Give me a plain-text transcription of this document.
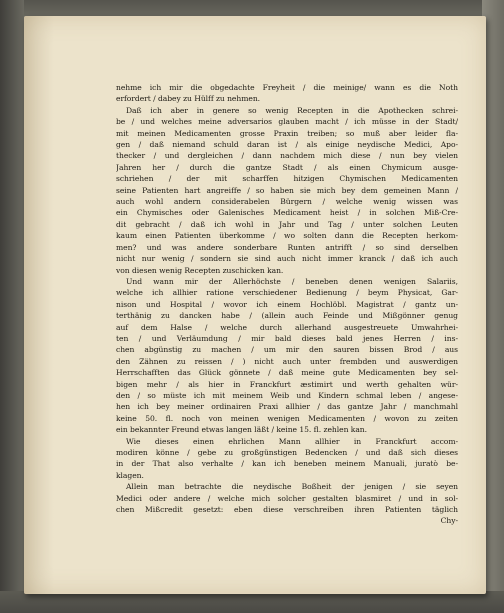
nehme ich mir die obgedachte Freyheit / die meinige/ wann es die Noth
erfordert / dabey zu Hülff zu nehmen.
Daß ich aber in genere so wenig Recepten in die Apothecken schrei-
be / und welches meine adversarios glauben macht / ich müsse in der Stadt/
mit meinen Medicamenten grosse Praxin treiben; so muß aber leider fla-
gen / daß niemand schuld daran ist / als einige neydische Medici, Apo-
thecker / und dergleichen / dann nachdem mich diese / nun bey vielen
Jahren her / durch die gantze Stadt / als einen Chymicum ausge-
schriehen / der mit scharffen hitzigen Chymischen Medicamenten
seine Patienten hart angreiffe / so haben sie mich bey dem gemeinen Mann /
auch wohl andern considerabelen Bürgern / welche wenig wissen was
ein Chymisches oder Galenisches Medicament heist / in solchen Miß-Cre-
dit gebracht / daß ich wohl in Jahr und Tag / unter solchen Leuten
kaum einen Patienten überkomme / wo solten dann die Recepten herkom-
men? und was andere sonderbare Runten antrifft / so sind derselben
nicht nur wenig / sondern sie sind auch nicht immer kranck / daß ich auch
von diesen wenig Recepten zuschicken kan.
Und wann mir der Allerhöchste / beneben denen wenigen Salariis,
welche ich allhier ratione verschiedener Bedienung / beym Physicat, Gar-
nison und Hospital / wovor ich einem Hochlöbl. Magistrat / gantz un-
terthänig zu dancken habe / (allein auch Feinde und Mißgönner genug
auf dem Halse / welche durch allerhand ausgestreuete Umwahrhei-
ten / und Verläumdung / mir bald dieses bald jenes Herren / ins-
chen abgünstig zu machen / um mir den sauren bissen Brod / aus
den Zähnen zu reissen / ) nicht auch unter frembden und auswerdigen
Herrschafften das Glück gönnete / daß meine gute Medicamenten bey sel-
bigen mehr / als hier in Franckfurt æstimirt und werth gehalten wür-
den / so müste ich mit meinem Weib und Kindern schmal leben / angese-
hen ich bey meiner ordinairen Praxi allhier / das gantze Jahr / manchmahl
keine 50. fl. noch von meinen wenigen Medicamenten / wovon zu zeiten
ein bekannter Freund etwas langen läßt / keine 15. fl. zehlen kan.
Wie dieses einen ehrlichen Mann allhier in Franckfurt accom-
modiren könne / gebe zu großgünstigen Bedencken / und daß sich dieses
in der That also verhalte / kan ich beneben meinem Manuali, juratò be-
klagen.
Allein man betrachte die neydische Boßheit der jenigen / sie seyen
Medici oder andere / welche mich solcher gestalten blasmiret / und in sol-
chen Mißcredit gesetzt: eben diese verschreiben ihren Patienten täglich
Chy-
